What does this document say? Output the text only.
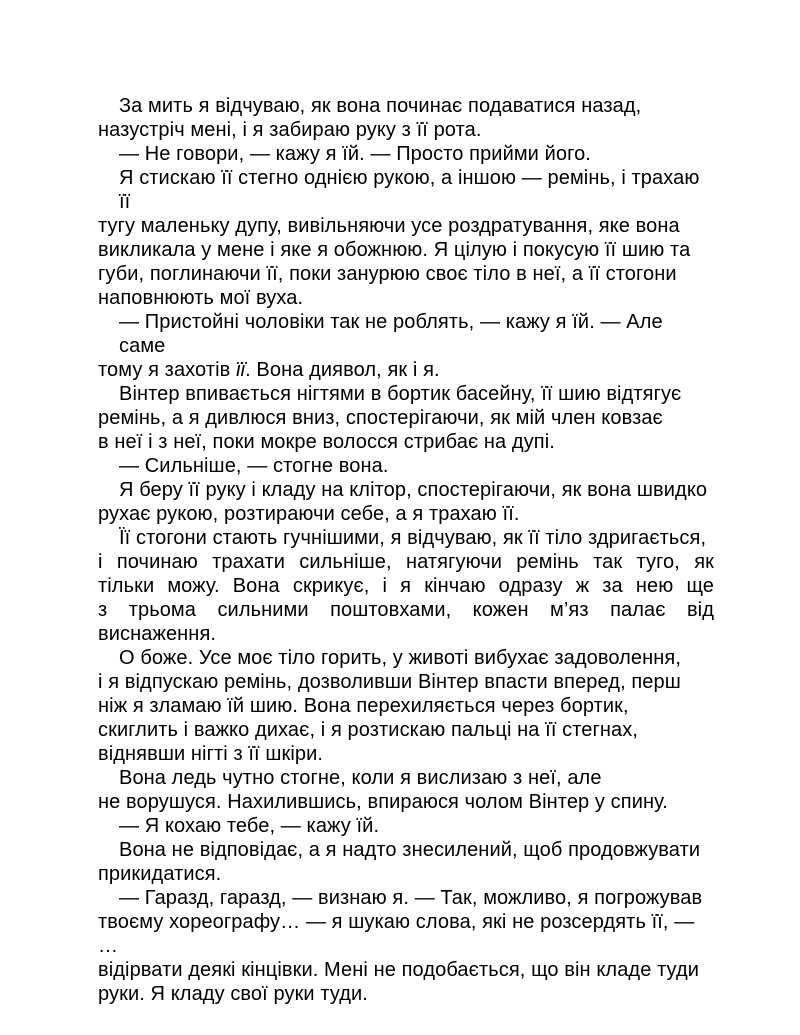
За мить я відчуваю, як вона починає подаватися назад,
назустріч мені, і я забираю руку з її рота.

— Не говори, — кажу я їй. — Просто прийми його.

Я стискаю її стегно однією рукою, а іншою — ремінь, і трахаю її
тугу маленьку дупу, вивільняючи усе роздратування, яке вона
викликала у мене і яке я обожнюю. Я цілую і покусую її шию та
губи, поглинаючи її, поки занурюю своє тіло в неї, а її стогони
наповнюють мої вуха.

— Пристойні чоловіки так не роблять, — кажу я їй. — Але саме
тому я захотів її. Вона диявол, як і я.

Вінтер впивається нігтями в бортик басейну, її шию відтягує
ремінь, а я дивлюся вниз, спостерігаючи, як мій член ковзає
в неї і з неї, поки мокре волосся стрибає на дупі.

— Сильніше, — стогне вона.

Я беру її руку і кладу на клітор, спостерігаючи, як вона швидко
рухає рукою, розтираючи себе, а я трахаю її.

Її стогони стають гучнішими, я відчуваю, як її тіло здригається,
і починаю трахати сильніше, натягуючи ремінь так туго, як
тільки можу. Вона скрикує, і я кінчаю одразу ж за нею ще
з трьома сильними поштовхами, кожен м’яз палає від
виснаження.

О боже. Усе моє тіло горить, у животі вибухає задоволення,
і я відпускаю ремінь, дозволивши Вінтер впасти вперед, перш
ніж я зламаю їй шию. Вона перехиляється через бортик,
скиглить і важко дихає, і я розтискаю пальці на її стегнах,
віднявши нігті з її шкіри.

Вона ледь чутно стогне, коли я вислизаю з неї, але
не ворушуся. Нахилившись, впираюся чолом Вінтер у спину.

— Я кохаю тебе, — кажу їй.

Вона не відповідає, а я надто знесилений, щоб продовжувати
прикидатися.

— Гаразд, гаразд, — визнаю я. — Так, можливо, я погрожував
твоєму хореографу… — я шукаю слова, які не розсердять її, — …
відірвати деякі кінцівки. Мені не подобається, що він кладе туди
руки. Я кладу свої руки туди.
